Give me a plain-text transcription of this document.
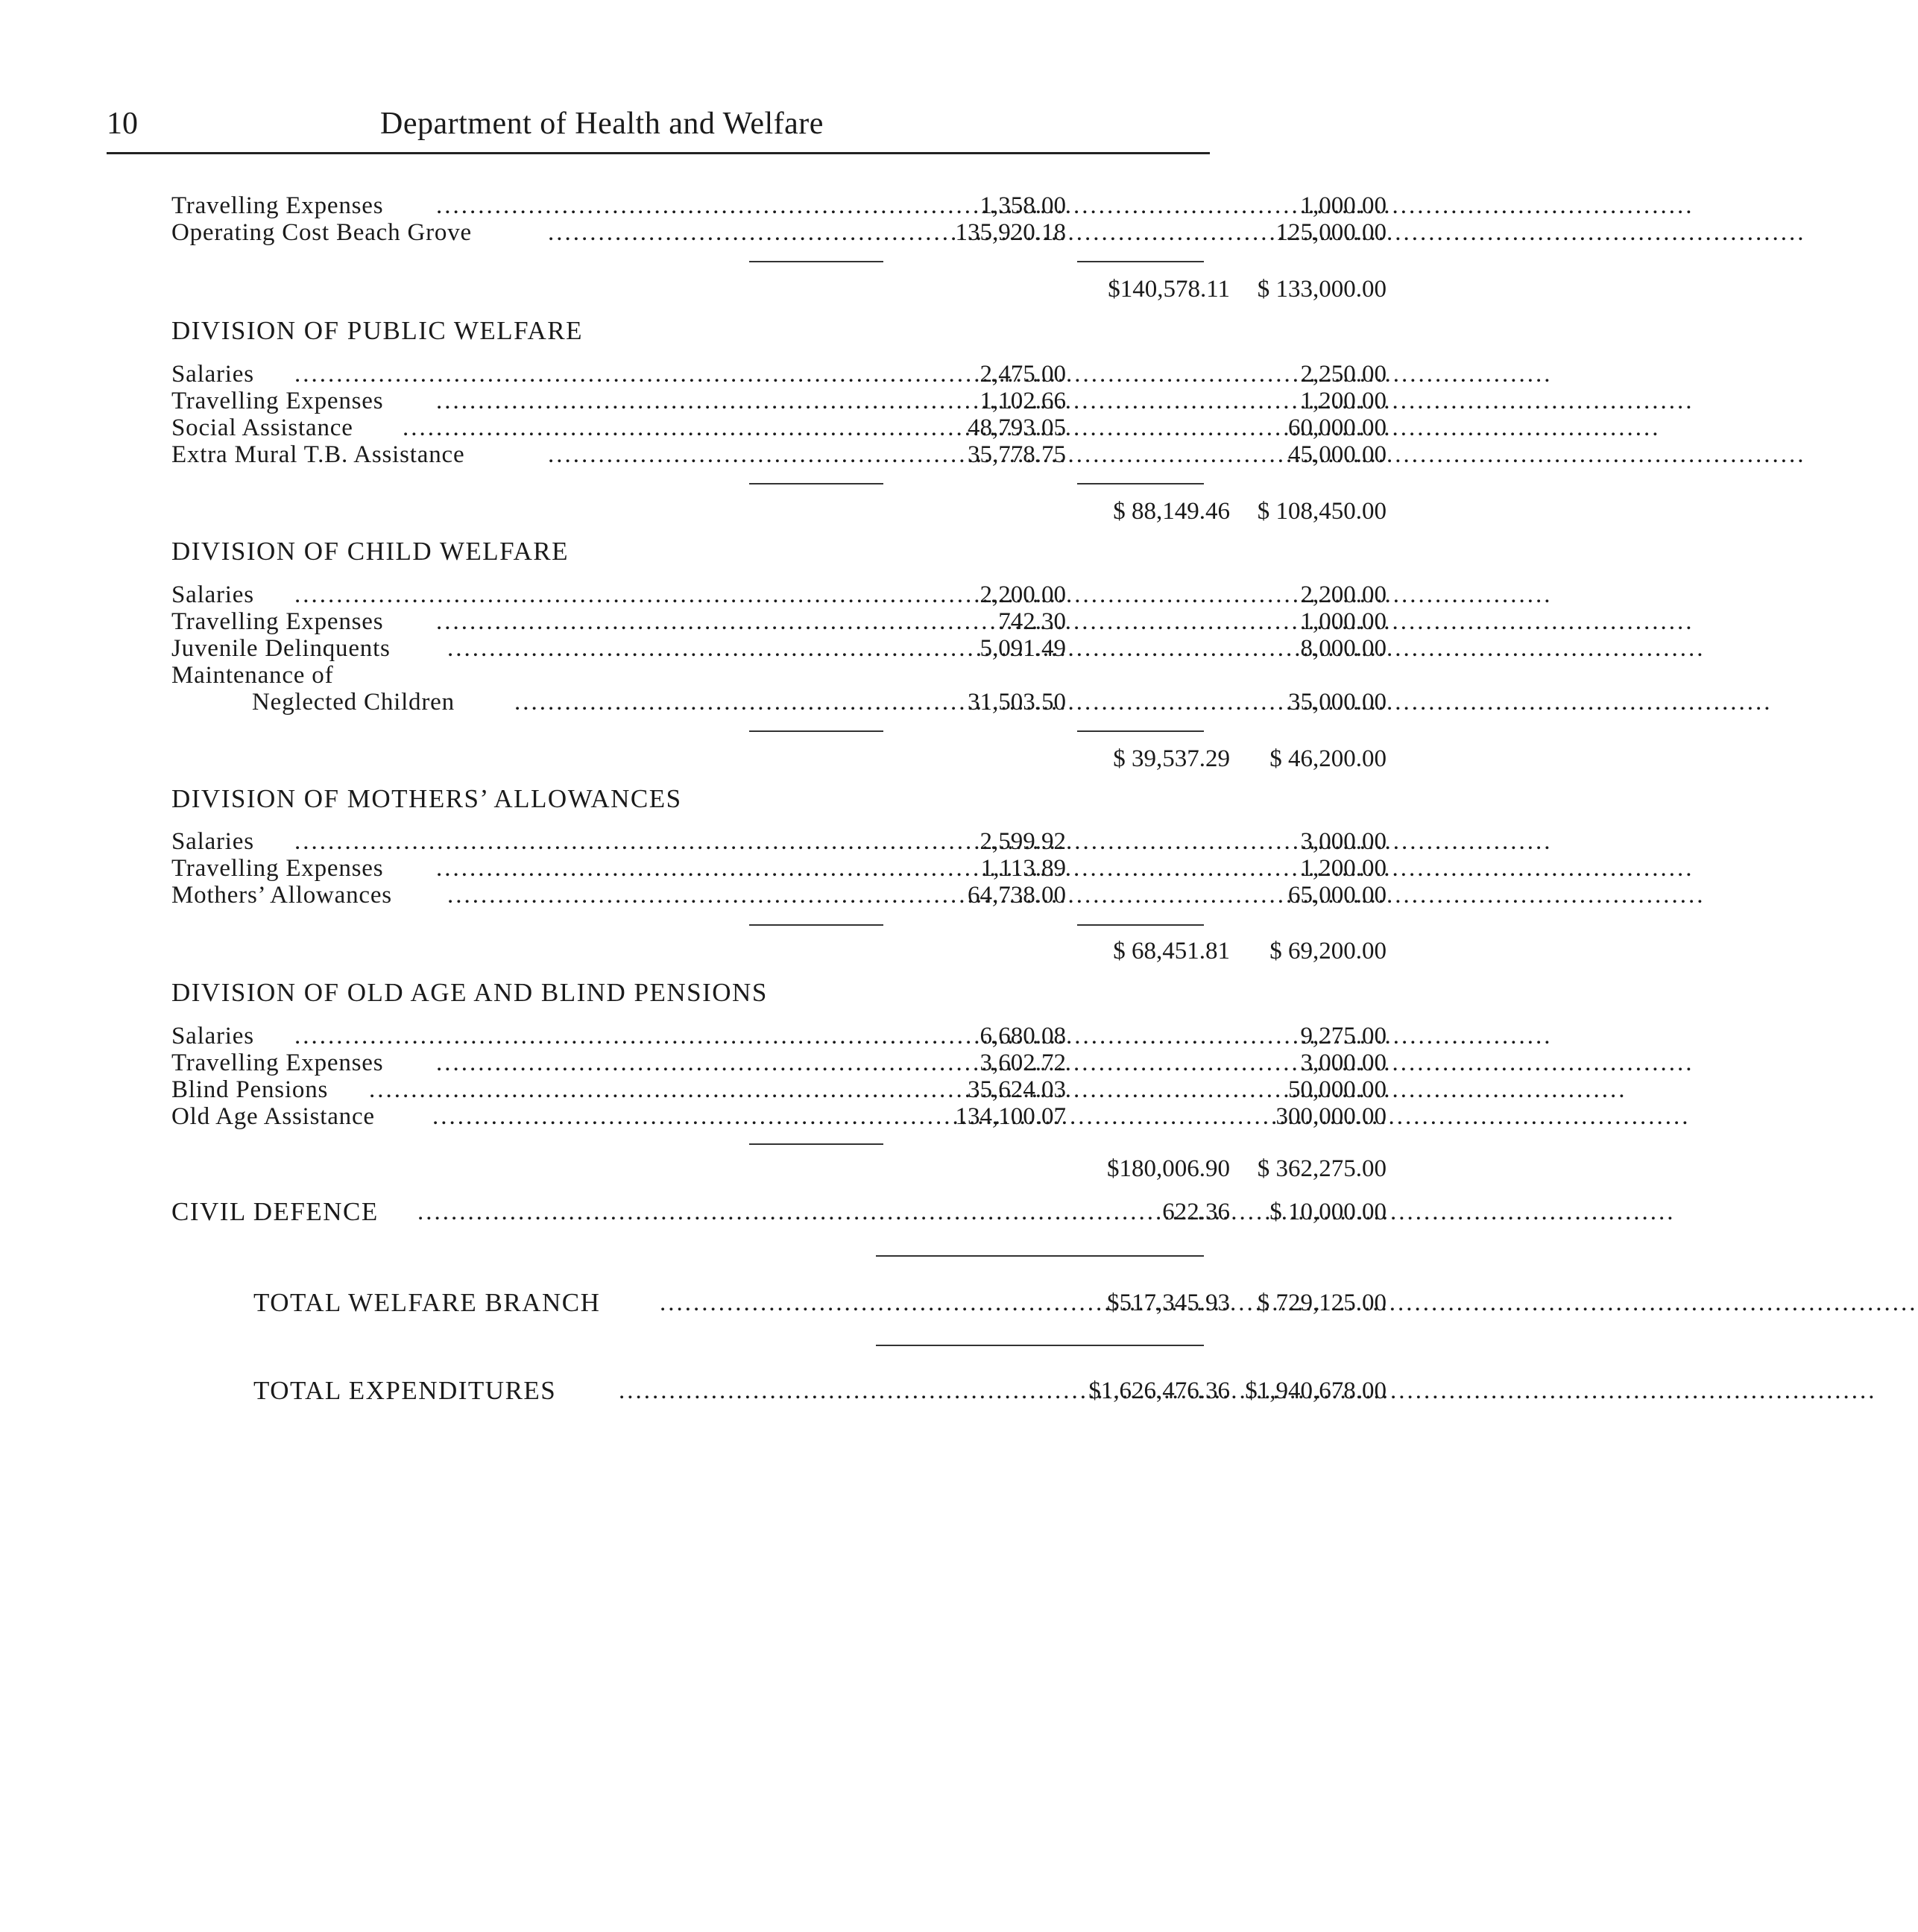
10	Department of Health and Welfare
Travelling Expenses .....	1,358.00	1,000.00
Operating Cost Beach Grove .....	135,920.18	125,000.00
$140,578.11	$ 133,000.00
DIVISION OF PUBLIC WELFARE
Salaries .....	2,475.00	2,250.00
Travelling Expenses .....	1,102.66	1,200.00
Social Assistance .....	48,793.05	60,000.00
Extra Mural T.B. Assistance .....	35,778.75	45,000.00
$ 88,149.46	$ 108,450.00
DIVISION OF CHILD WELFARE
Salaries .....	2,200.00	2,200.00
Travelling Expenses .....	742.30	1,000.00
Juvenile Delinquents .....	5,091.49	8,000.00
Maintenance of
Neglected Children .....	31,503.50	35,000.00
$ 39,537.29	$ 46,200.00
DIVISION OF MOTHERS’ ALLOWANCES
Salaries .....	2,599.92	3,000.00
Travelling Expenses .....	1,113.89	1,200.00
Mothers’ Allowances .....	64,738.00	65,000.00
$ 68,451.81	$ 69,200.00
DIVISION OF OLD AGE AND BLIND PENSIONS
Salaries .....	6,680.08	9,275.00
Travelling Expenses .....	3,602.72	3,000.00
Blind Pensions .....	35,624.03	50,000.00
Old Age Assistance .....	134,100.07	300,000.00
$180,006.90	$ 362,275.00
CIVIL DEFENCE .....	622.36	$ 10,000.00
TOTAL WELFARE BRANCH .....	$517,345.93	$ 729,125.00
TOTAL EXPENDITURES .....	$1,626,476.36 $1,940,678.00
